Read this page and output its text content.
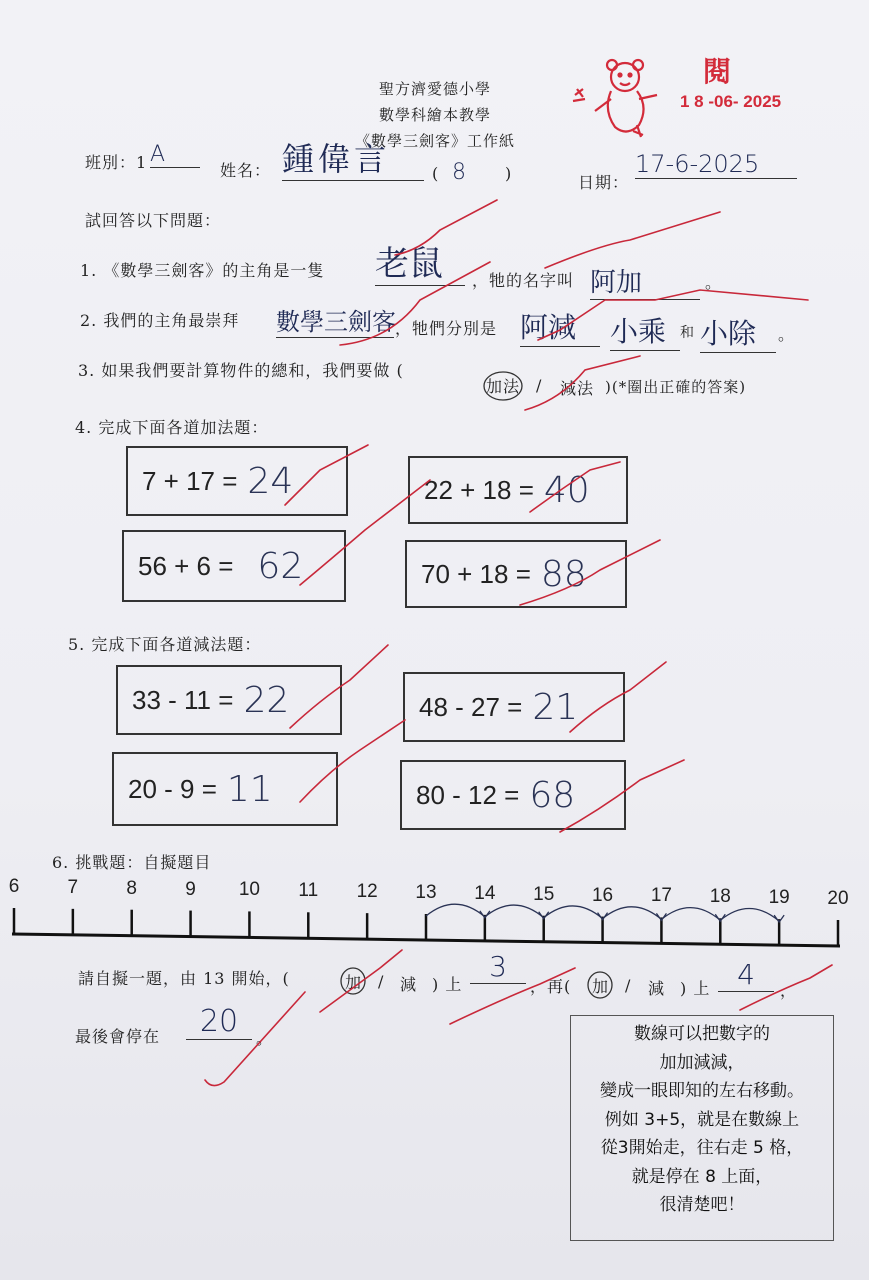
聖方濟愛德小學
數學科繪本教學
《數學三劍客》工作紙
閱
1 8 -06- 2025
班別：1 A
姓名： 鍾偉言	( 8 )	日期：
17-6-2025
試回答以下問題：
1. 《數學三劍客》的主角是一隻 老鼠	，牠的名字叫 阿加	。
2. 我們的主角最崇拜 數學三劍客 ，牠們分別是 阿減	小乘 和 小除	。
3. 如果我們要計算物件的總和，我們要做 (
加法 / 減法 )(*圈出正確的答案)
4. 完成下面各道加法題：
7 + 17 = 24	22 + 18 = 40
56 + 6 = 62	70 + 18 = 88
5. 完成下面各道減法題：
33 - 11 = 22	48 - 27 = 21
20 - 9 = 11	80 - 12 = 68
6. 挑戰題：自擬題目
6	7	8	9 10 11 12 13 14 15 16 17 18 19 20
請自擬一題，由 13 開始，(	加 / 減 ) 上
3
，再( 加 / 減 ) 上 4	，
最後會停在	20	。	數線可以把數字的
加加減減，
變成一眼即知的左右移動。
例如 3+5，就是在數線上
從3開始走，往右走 5 格，
就是停在 8 上面，
很清楚吧！
